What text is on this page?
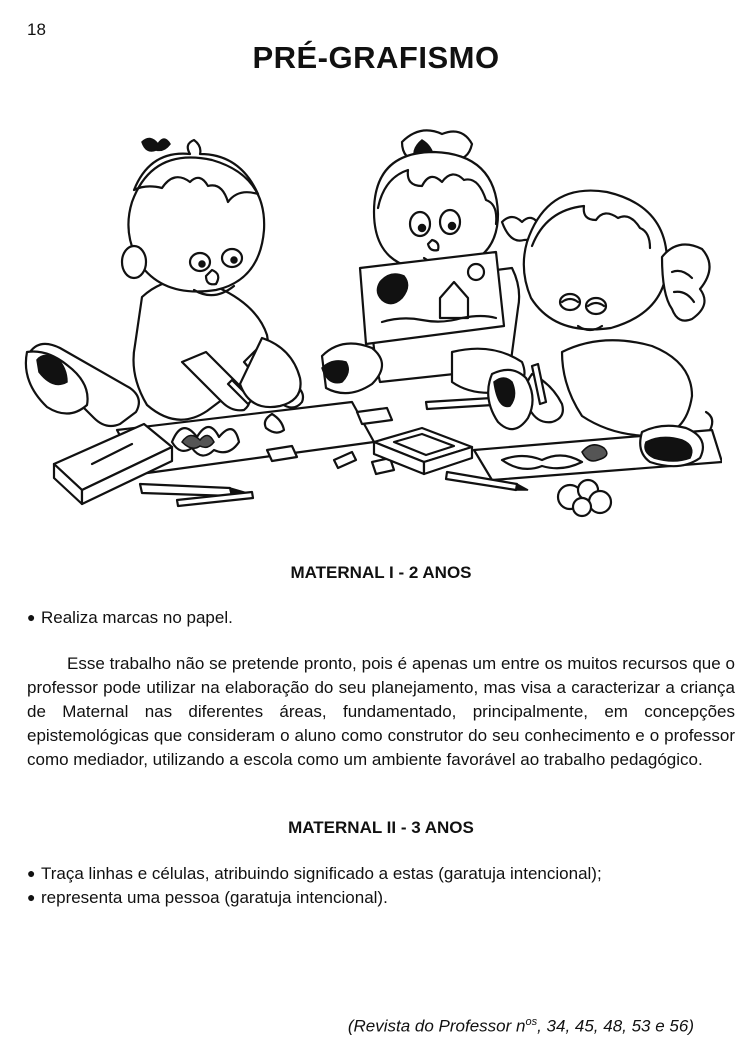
18
PRÉ-GRAFISMO
MATERNAL I - 2 ANOS
● Realiza marcas no papel.

Esse trabalho não se pretende pronto, pois é apenas um entre os muitos recursos que o professor pode utilizar na elaboração do seu planejamento, mas visa a caracterizar a criança de Maternal nas diferentes áreas, fundamentado, principalmente, em concepções epistemológicas que consideram o aluno como construtor do seu conhecimento e o professor como mediador, utilizando a escola como um ambiente favorável ao trabalho pedagógico.

MATERNAL II - 3 ANOS
● Traça linhas e células, atribuindo significado a estas (garatuja intencional);
● representa uma pessoa (garatuja intencional).
(Revista do Professor $n^{os}$, 34, 45, 48, 53 e 56)
